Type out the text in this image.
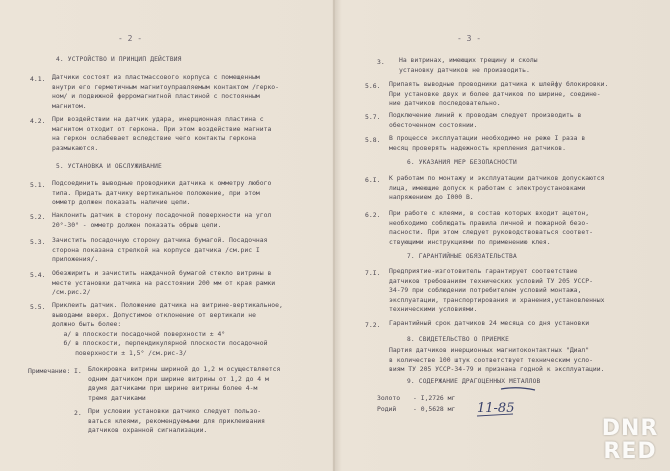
- 2 -
4. УСТРОЙСТВО И ПРИНЦИП ДЕЙСТВИЯ
4.1. Датчики состоят из пластмассового корпуса с помещенным
внутри его герметичным магнитоуправляемым контактом /геркo-
ном/ и подвижной ферромагнитной пластиной с постоянным
магнитом.
4.2. При воздействии на датчик удара, инерционная пластина с
магнитом отходит от геркона. При этом воздействие магнита
на геркон ослабевает вследствие чего контакты геркона
размыкаются.
5. УСТАНОВКА И ОБСЛУЖИВАНИЕ
5.1. Подсоединить выводные проводники датчика к омметру любого
типа. Придать датчику вертикальное положение, при этом
омметр должен показать наличие цепи.
5.2. Наклонить датчик в сторону посадочной поверхности на угол
20°-30° - омметр должен показать обрыв цепи.
5.3. Зачистить посадочную сторону датчика бумагой. Посадочная
сторона показана стрелкой на корпусе датчика /см.рис I
приложения/.
5.4. Обезжирить и зачистить наждачной бумагой стекло витрины в
месте установки датчика на расстоянии 200 мм от края рамки
/см.рис.2/
5.5. Приклеить датчик. Положение датчика на витрине-вертикальное,
выводами вверх. Допустимое отклонение от вертикали не
должно быть более:
а/ в плоскости посадочной поверхности ± 4°
б/ в плоскости, перпендикулярной плоскости посадочной
поверхности ± 1,5° /см.рис-3/
Примечание: I. Блокировка витрины шириной до 1,2 м осуществляется
одним датчиком при ширине витрины от 1,2 до 4 м
двумя датчиками при ширине витрины более 4-м
тремя датчиками
2. При условии установки датчико следует пользо-
ваться клеями, рекомендуемыми для приклеивания
датчиков охранной сигнализации.
- 3 -
3. На витринах, имеющих трещину и сколы
установку датчиков не производить.
5.6. Припаять выводные проводники датчика к шлейфу блокировки.
При установке двух и более датчиков по ширине, соедине-
ние датчиков последовательно.
5.7. Подключение линий к проводам следует производить в
обесточенном состоянии.
5.8. В процессе эксплуатации необходимо не реже I раза в
месяц проверять надежность крепления датчиков.
6. УКАЗАНИЯ МЕР БЕЗОПАСНОСТИ
6.I. К работам по монтажу и эксплуатации датчиков допускаются
лица, имеющие допуск к работам с электроустановками
напряжением до I000 В.
6.2. При работе с клеями, в состав которых входит ацетон,
необходимо соблюдать правила личной и пожарной безо-
пасности. При этом следует руководствоваться соответ-
ствующими инструкциями по применению клея.
7. ГАРАНТИЙНЫЕ ОБЯЗАТЕЛЬСТВА
7.I. Предприятие-изготовитель гарантирует соответствие
датчиков требованиям технических условий ТУ 205 УССР-
34-79 при соблюдении потребителем условий монтажа,
эксплуатации, транспортирования и хранения,установленных
техническими условиями.
7.2. Гарантийный срок датчиков 24 месяца со дня установки
8. СВИДЕТЕЛЬСТВО О ПРИЕМКЕ
Партия датчиков инерционных магнитоконтактных "Диал"
в количестве 100 штук соответствует техническим усло-
виям ТУ 205 УССР-34-79 и признана годной к эксплуатации.
9. СОДЕРЖАНИЕ ДРАГОЦЕННЫХ МЕТАЛЛОВ
Золото - I,2726 мг
Родий	- 0,5628 мг 11-85
DNR
RED
